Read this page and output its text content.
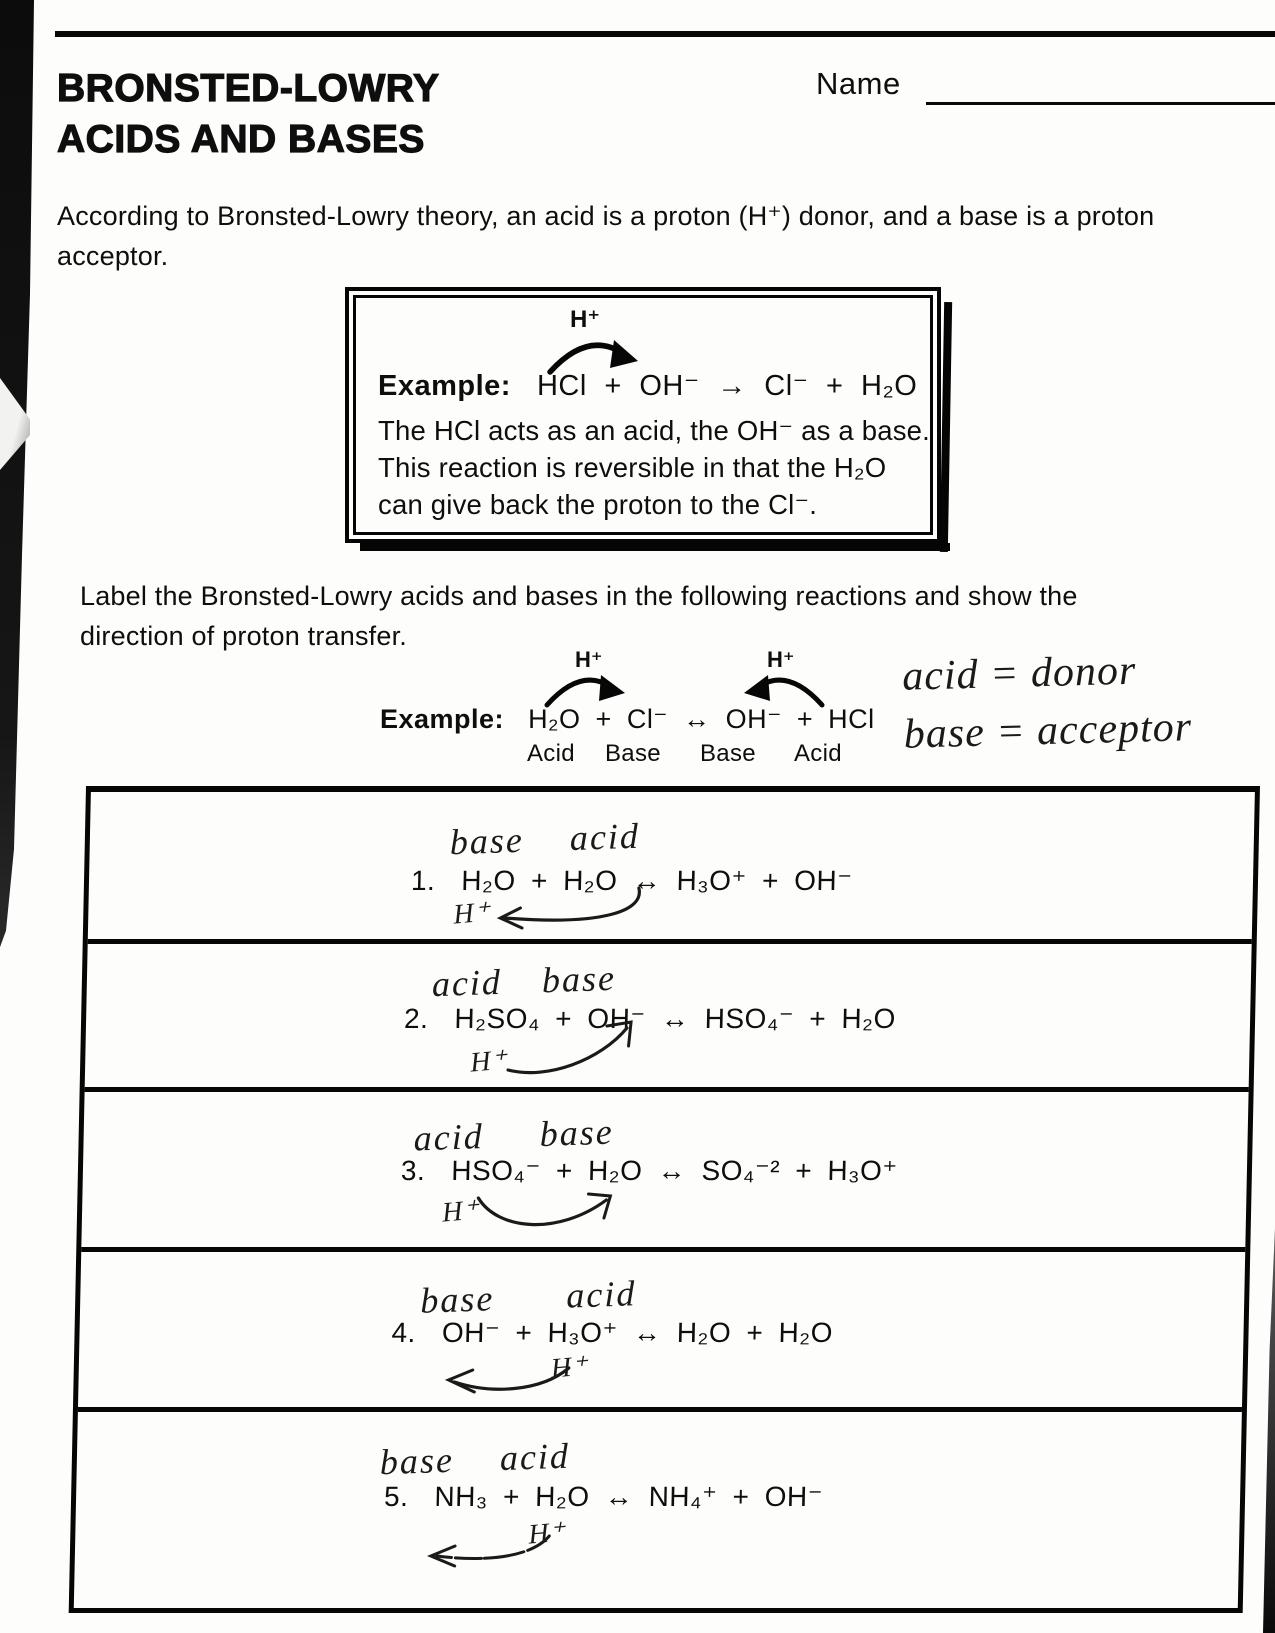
BRONSTED-LOWRY
ACIDS AND BASES
Name
According to Bronsted-Lowry theory, an acid is a proton (H⁺) donor, and a base is a proton
acceptor.
H⁺
Example: HCl + OH⁻ → Cl⁻ + H₂O
The HCl acts as an acid, the OH⁻ as a base.
This reaction is reversible in that the H₂O
can give back the proton to the Cl⁻.
Label the Bronsted-Lowry acids and bases in the following reactions and show the
direction of proton transfer.
H⁺	H⁺
Example: H₂O + Cl⁻ ↔ OH⁻ + HCl
Acid Base Base Acid
acid = donor
base = acceptor
base acid
1. H₂O + H₂O ↔ H₃O⁺ + OH⁻
H⁺
acid base
2. H₂SO₄ + OH⁻ ↔ HSO₄⁻ + H₂O
H⁺
acid base
3. HSO₄⁻ + H₂O ↔ SO₄⁻² + H₃O⁺
H⁺
base acid
4. OH⁻ + H₃O⁺ ↔ H₂O + H₂O
H⁺
base acid
5. NH₃ + H₂O ↔ NH₄⁺ + OH⁻
H⁺
